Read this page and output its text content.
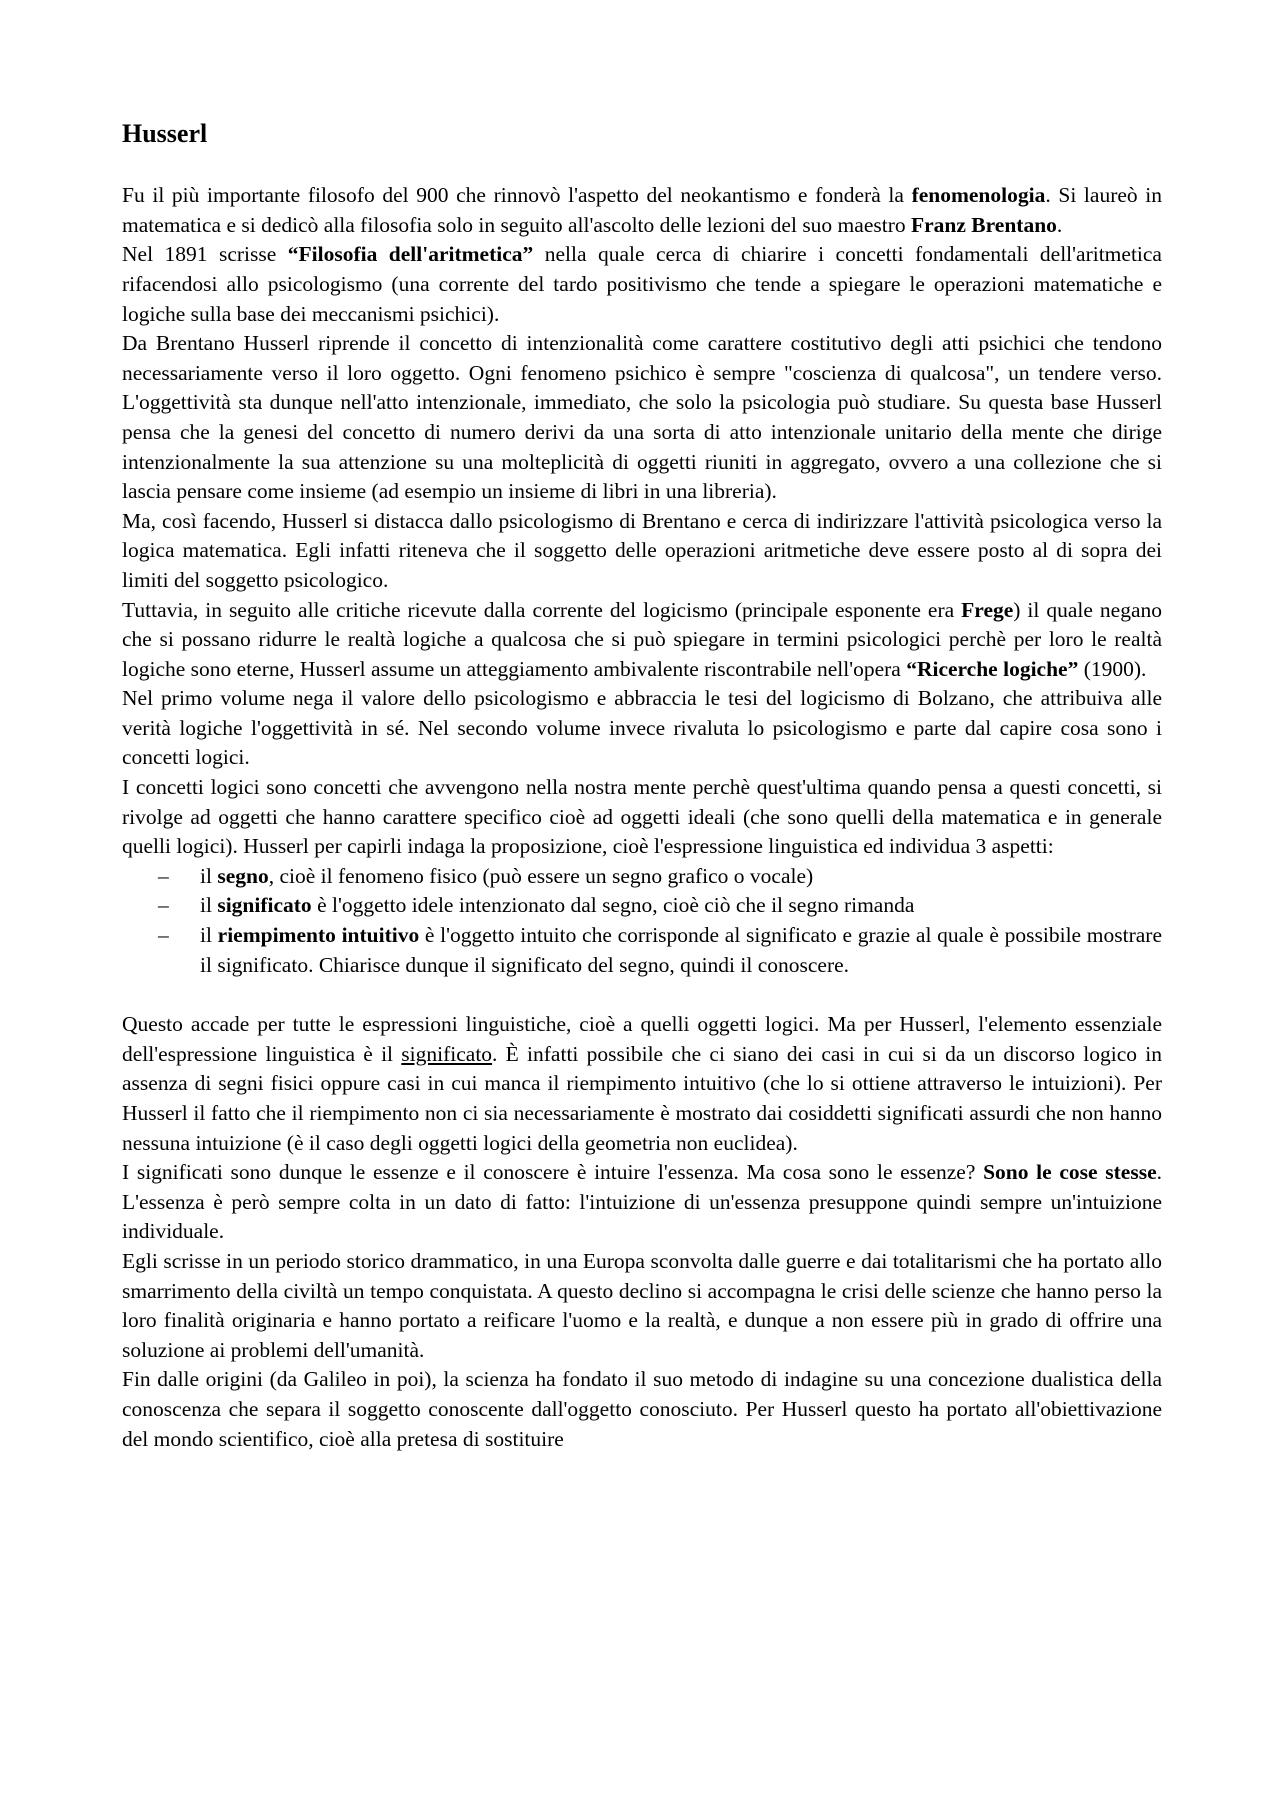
Husserl

Fu il più importante filosofo del 900 che rinnovò l'aspetto del neokantismo e fonderà la fenomenologia. Si laureò in matematica e si dedicò alla filosofia solo in seguito all'ascolto delle lezioni del suo maestro Franz Brentano.

Nel 1891 scrisse “Filosofia dell'aritmetica” nella quale cerca di chiarire i concetti fondamentali dell'aritmetica rifacendosi allo psicologismo (una corrente del tardo positivismo che tende a spiegare le operazioni matematiche e logiche sulla base dei meccanismi psichici).

Da Brentano Husserl riprende il concetto di intenzionalità come carattere costitutivo degli atti psichici che tendono necessariamente verso il loro oggetto. Ogni fenomeno psichico è sempre "coscienza di qualcosa", un tendere verso. L'oggettività sta dunque nell'atto intenzionale, immediato, che solo la psicologia può studiare. Su questa base Husserl pensa che la genesi del concetto di numero derivi da una sorta di atto intenzionale unitario della mente che dirige intenzionalmente la sua attenzione su una molteplicità di oggetti riuniti in aggregato, ovvero a una collezione che si lascia pensare come insieme (ad esempio un insieme di libri in una libreria).

Ma, così facendo, Husserl si distacca dallo psicologismo di Brentano e cerca di indirizzare l'attività psicologica verso la logica matematica. Egli infatti riteneva che il soggetto delle operazioni aritmetiche deve essere posto al di sopra dei limiti del soggetto psicologico.

Tuttavia, in seguito alle critiche ricevute dalla corrente del logicismo (principale esponente era Frege) il quale negano che si possano ridurre le realtà logiche a qualcosa che si può spiegare in termini psicologici perchè per loro le realtà logiche sono eterne, Husserl assume un atteggiamento ambivalente riscontrabile nell'opera “Ricerche logiche” (1900).

Nel primo volume nega il valore dello psicologismo e abbraccia le tesi del logicismo di Bolzano, che attribuiva alle verità logiche l'oggettività in sé. Nel secondo volume invece rivaluta lo psicologismo e parte dal capire cosa sono i concetti logici.

I concetti logici sono concetti che avvengono nella nostra mente perchè quest'ultima quando pensa a questi concetti, si rivolge ad oggetti che hanno carattere specifico cioè ad oggetti ideali (che sono quelli della matematica e in generale quelli logici). Husserl per capirli indaga la proposizione, cioè l'espressione linguistica ed individua 3 aspetti:

– il segno, cioè il fenomeno fisico (può essere un segno grafico o vocale)
– il significato è l'oggetto idele intenzionato dal segno, cioè ciò che il segno rimanda
– il riempimento intuitivo è l'oggetto intuito che corrisponde al significato e grazie al quale è possibile mostrare il significato. Chiarisce dunque il significato del segno, quindi il conoscere.

Questo accade per tutte le espressioni linguistiche, cioè a quelli oggetti logici. Ma per Husserl, l'elemento essenziale dell'espressione linguistica è il significato. È infatti possibile che ci siano dei casi in cui si da un discorso logico in assenza di segni fisici oppure casi in cui manca il riempimento intuitivo (che lo si ottiene attraverso le intuizioni). Per Husserl il fatto che il riempimento non ci sia necessariamente è mostrato dai cosiddetti significati assurdi che non hanno nessuna intuizione (è il caso degli oggetti logici della geometria non euclidea).

I significati sono dunque le essenze e il conoscere è intuire l'essenza. Ma cosa sono le essenze? Sono le cose stesse. L'essenza è però sempre colta in un dato di fatto: l'intuizione di un'essenza presuppone quindi sempre un'intuizione individuale.

Egli scrisse in un periodo storico drammatico, in una Europa sconvolta dalle guerre e dai totalitarismi che ha portato allo smarrimento della civiltà un tempo conquistata. A questo declino si accompagna le crisi delle scienze che hanno perso la loro finalità originaria e hanno portato a reificare l'uomo e la realtà, e dunque a non essere più in grado di offrire una soluzione ai problemi dell'umanità.

Fin dalle origini (da Galileo in poi), la scienza ha fondato il suo metodo di indagine su una concezione dualistica della conoscenza che separa il soggetto conoscente dall'oggetto conosciuto. Per Husserl questo ha portato all'obiettivazione del mondo scientifico, cioè alla pretesa di sostituire
